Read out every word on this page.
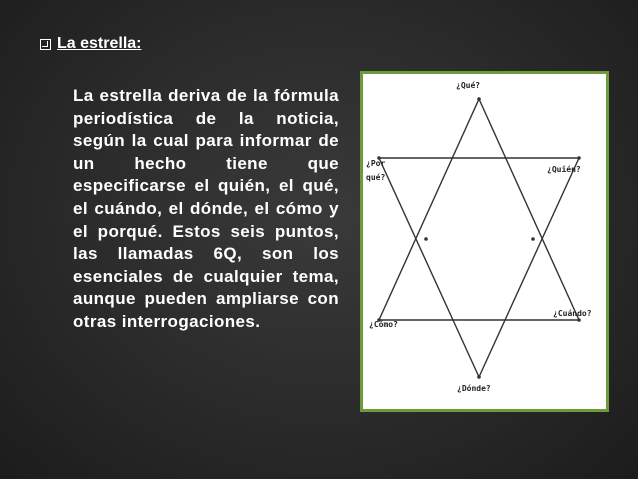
La estrella:
La estrella deriva de la fórmula periodística de la noticia, según la cual para informar de un hecho tiene que especificarse el quién, el qué, el cuándo, el dónde, el cómo y el porqué. Estos seis puntos, las llamadas 6Q, son los esenciales de cualquier tema, aunque pueden ampliarse con otras interrogaciones.
¿Qué?
¿Por
qué?
¿Quién?
¿Cómo?
¿Cuándo?
¿Dónde?
